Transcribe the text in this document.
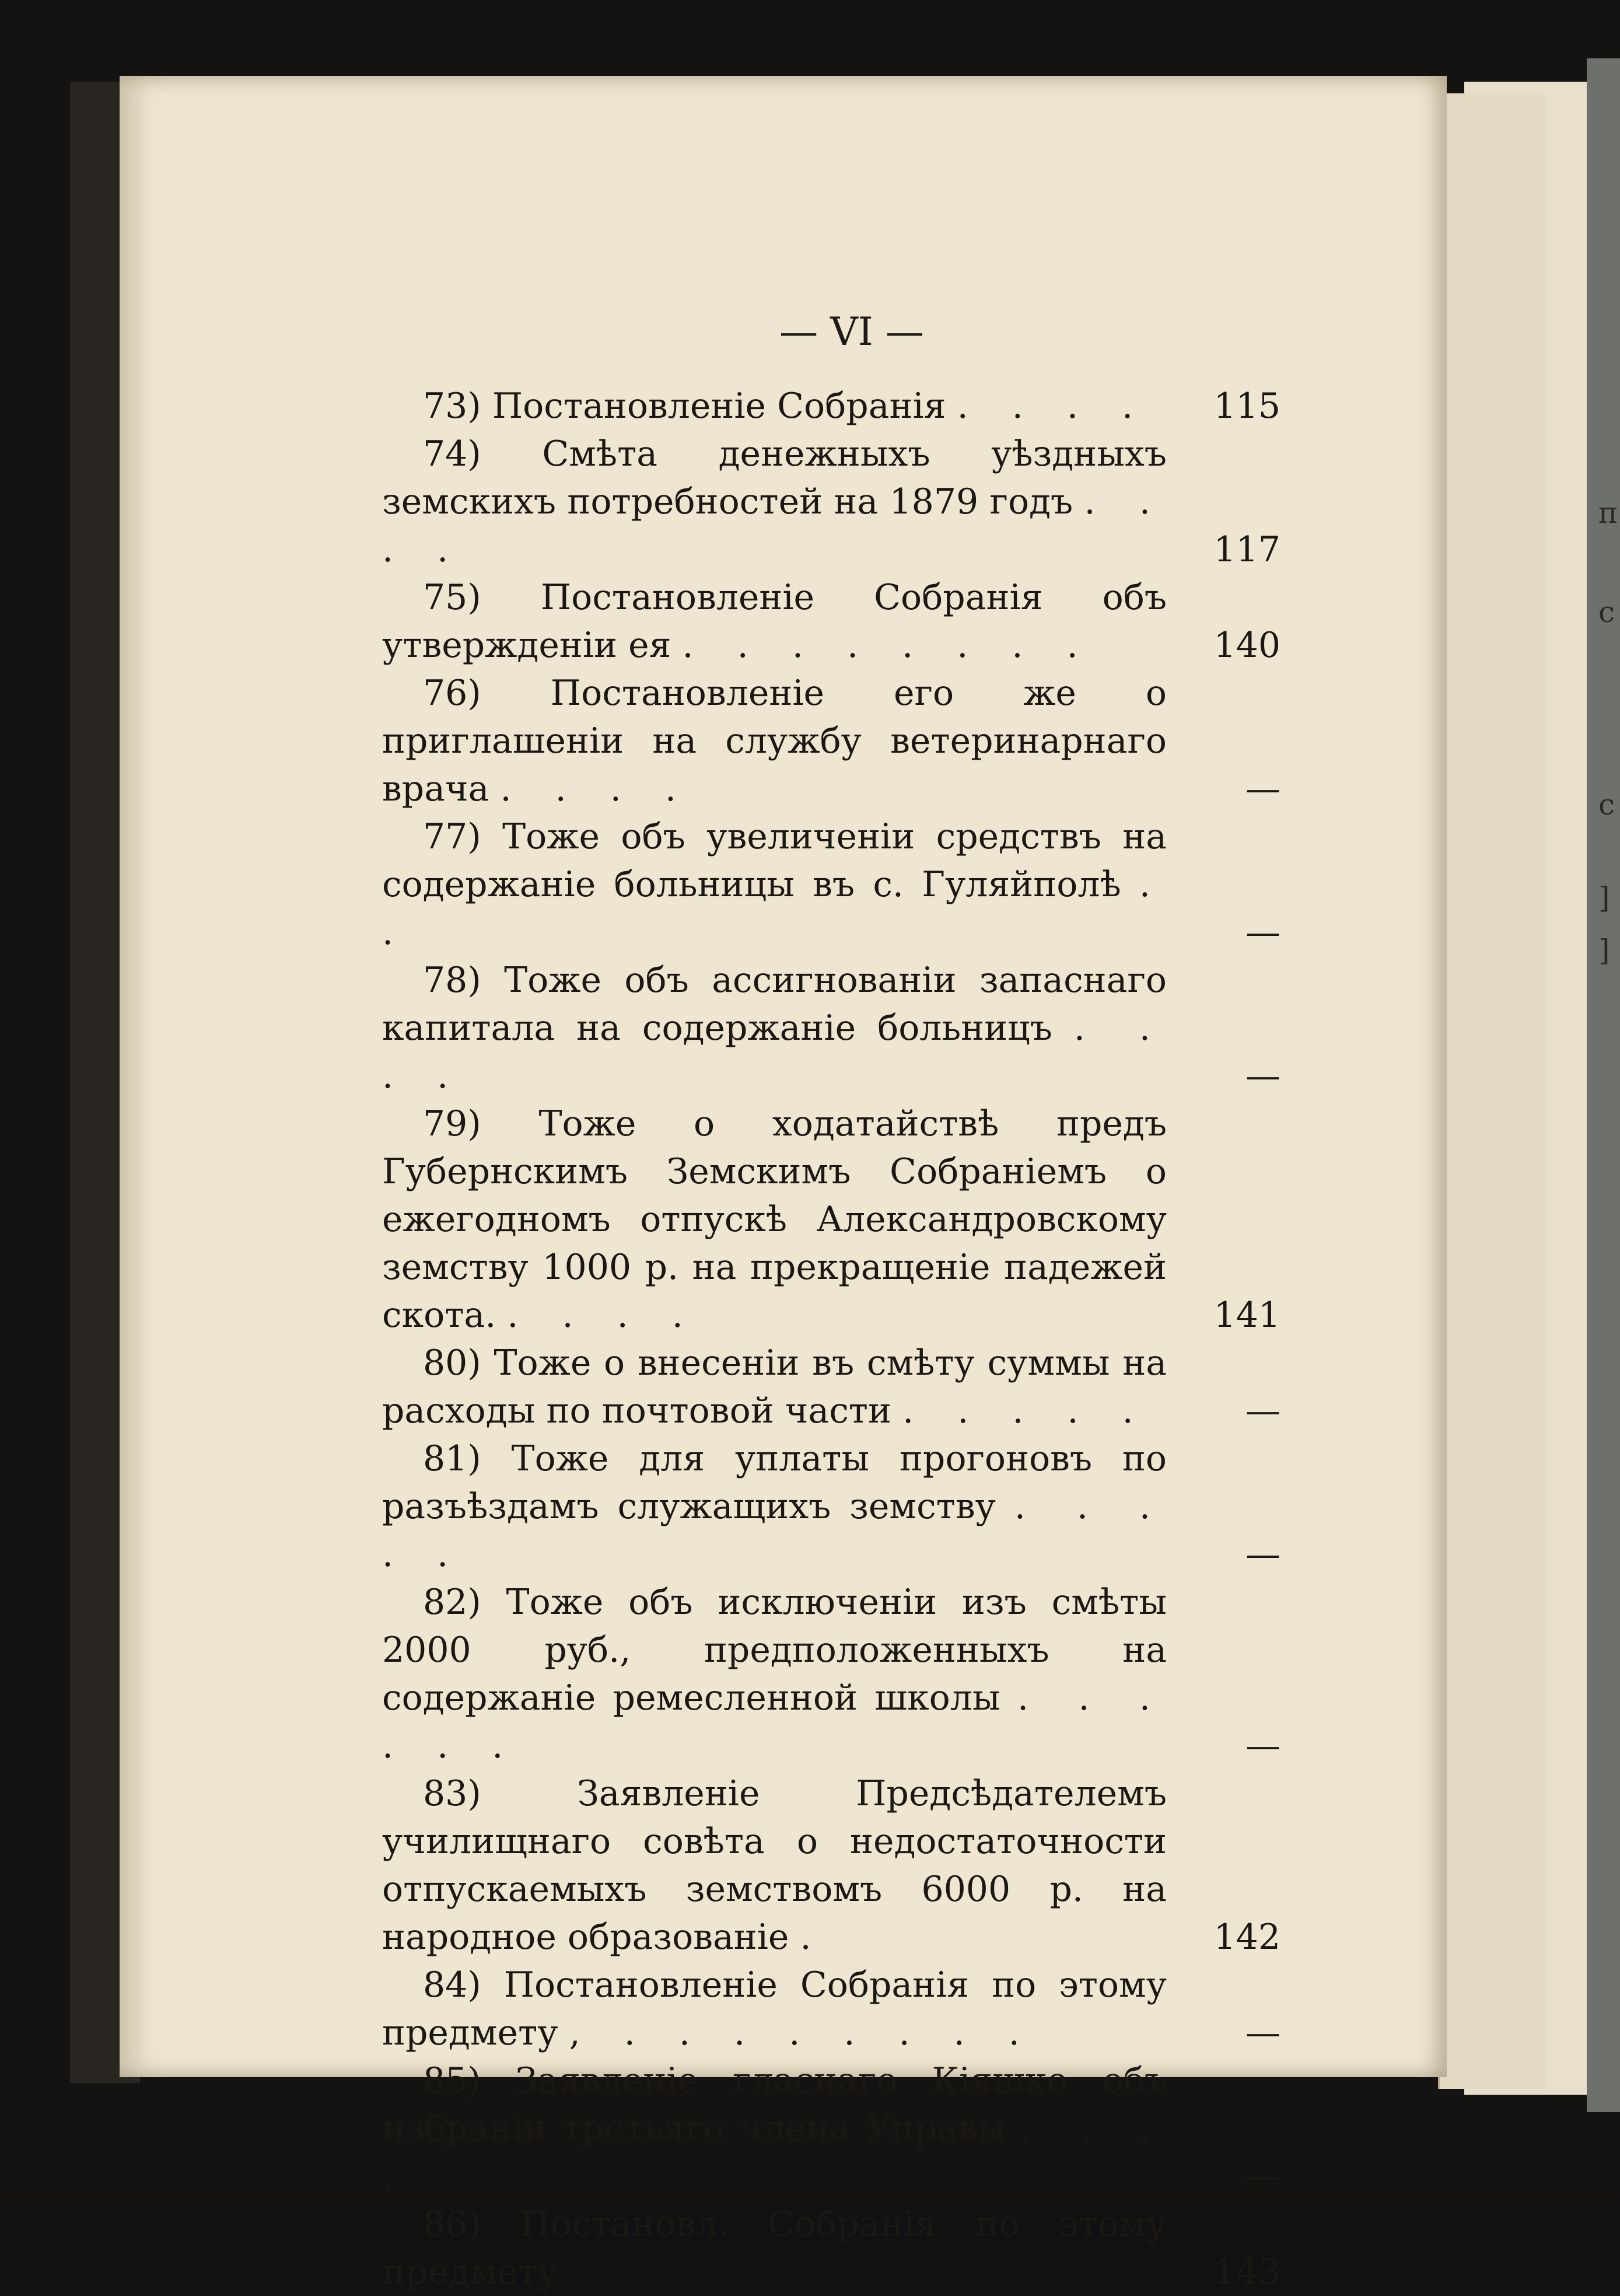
— VI —
73) Постановленіе Собранія . . . .	115
74) Смѣта денежныхъ уѣздныхъ земскихъ потребностей на 1879 годъ . . . .	117
75) Постановленіе Собранія объ утвержденіи ея . . . . . . . .	140
76) Постановленіе его же о приглашеніи на службу ветеринарнаго врача . . . .	—
77) Тоже объ увеличеніи средствъ на содержаніе больницы въ с. Гуляйполѣ . .	—
78) Тоже объ ассигнованіи запаснаго капитала на содержаніе больницъ . . . .	—
79) Тоже о ходатайствѣ предъ Губернскимъ Земскимъ Собраніемъ о ежегодномъ отпускѣ Александровскому земству 1000 р. на прекращеніе падежей скота. . . . .	141
80) Тоже о внесеніи въ смѣту суммы на расходы по почтовой части . . . . .	—
81) Тоже для уплаты прогоновъ по разъѣздамъ служащихъ земству . . . . .	—
82) Тоже объ исключеніи изъ смѣты 2000 руб., предположенныхъ на содержаніе ремесленной школы . . . . . .	—
83)	Заявленіе Предсѣдателемъ училищнаго совѣта о недостаточности отпускаемыхъ земствомъ 6000 р. на народное образованіе .	142
84) Постановленіе Собранія по этому предмету , . . . . . . . .	—
85) Заявленіе гласнаго Кіяшко объ избраніи третьяго члена Управы . . . .	—
86) Постановл. Собранія по этому предмету	143
п
с
с
]
]
